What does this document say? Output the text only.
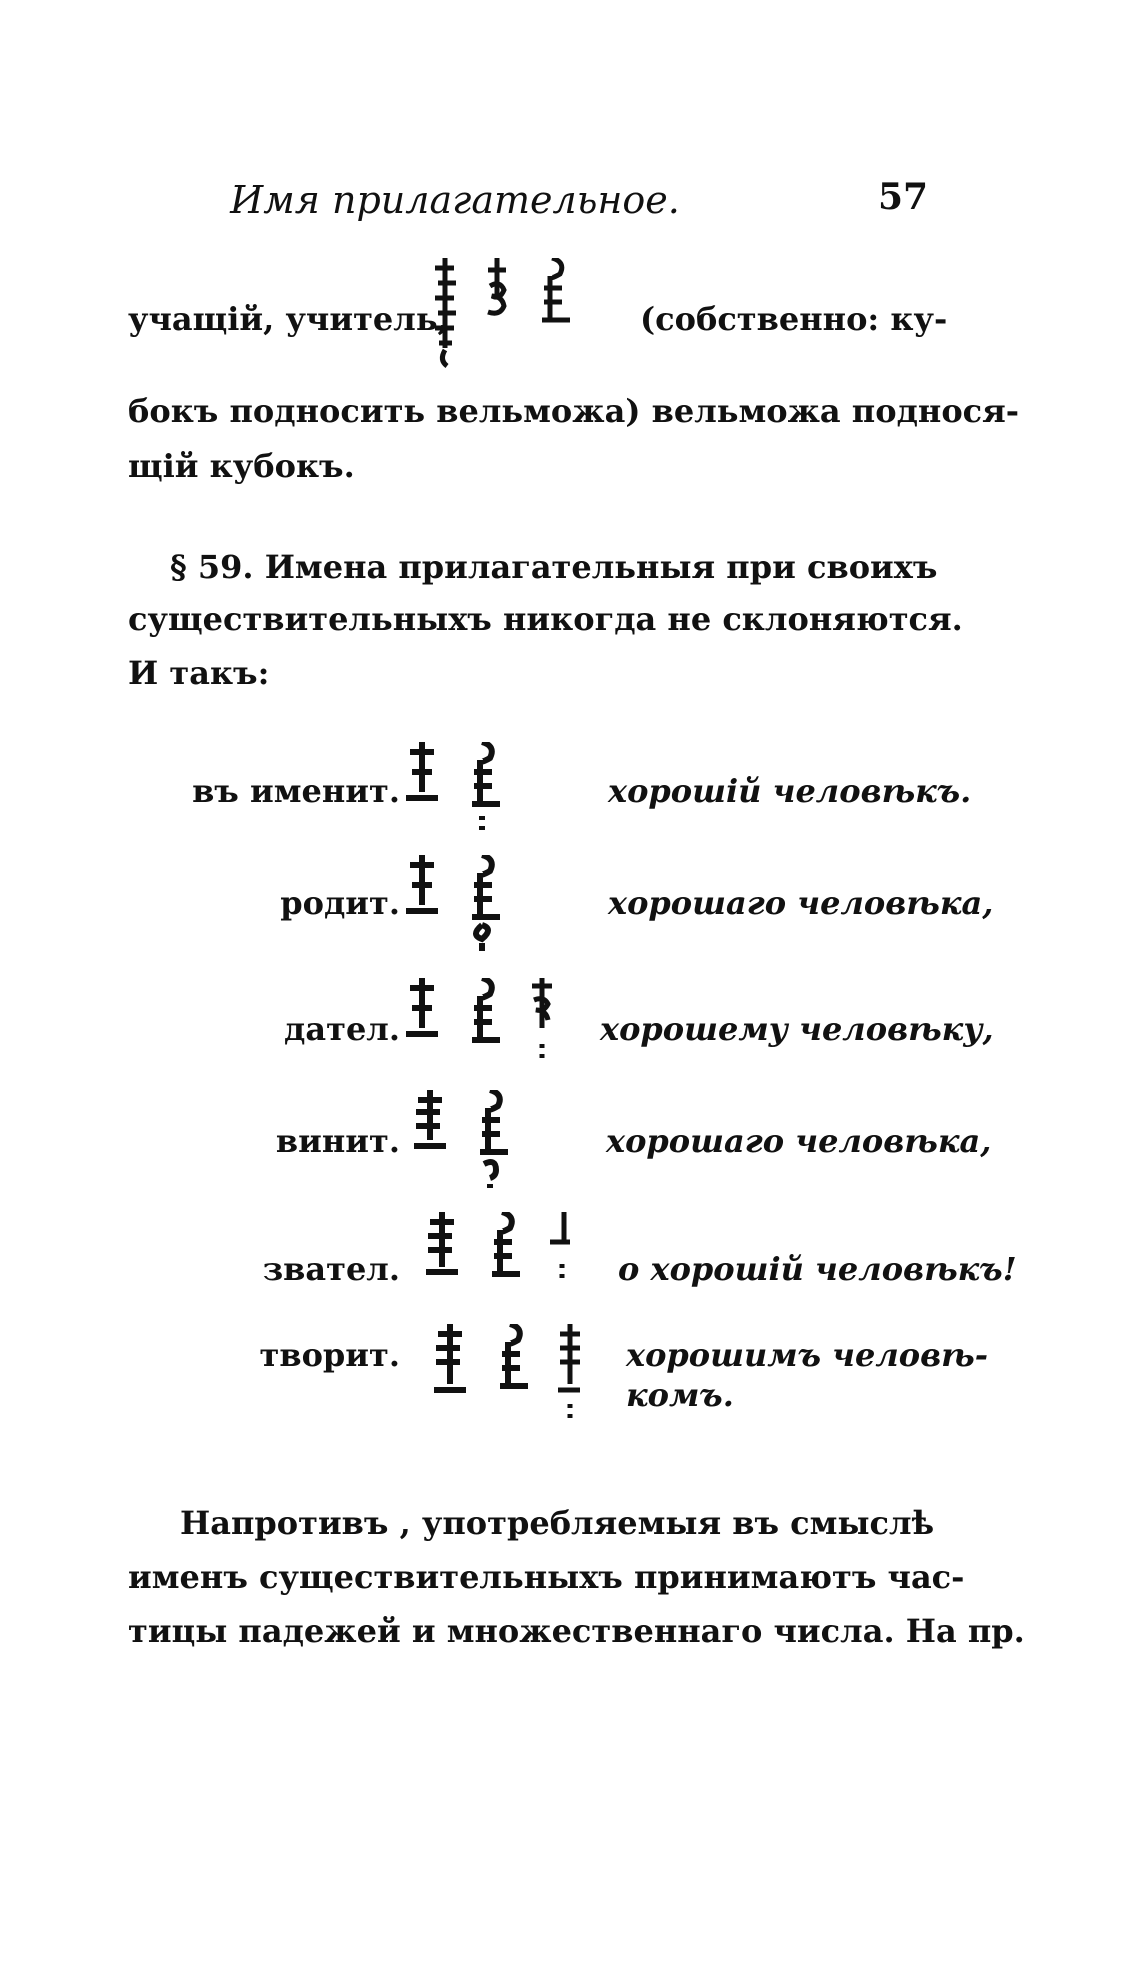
Имя прилагательное.	57
учащій, учитель,	(собственно: ку-
бокъ подносить вельможа) вельможа поднося-
щій кубокъ.
§ 59. Имена прилагательныя при своихъ
существительныхъ никогда не склоняются.
И такъ:
въ именит.	хорошій человѣкъ.
родит.	хорошаго человѣка,
дател.	хорошему человѣку,
винит.	хорошаго человѣка,
звател.	о хорошій человѣкъ!
творит.	хорошимъ человѣ-
комъ.
Напротивъ , употребляемыя въ смыслѣ
именъ существительныхъ принимаютъ час-
тицы падежей и множественнаго числа. На пр.
